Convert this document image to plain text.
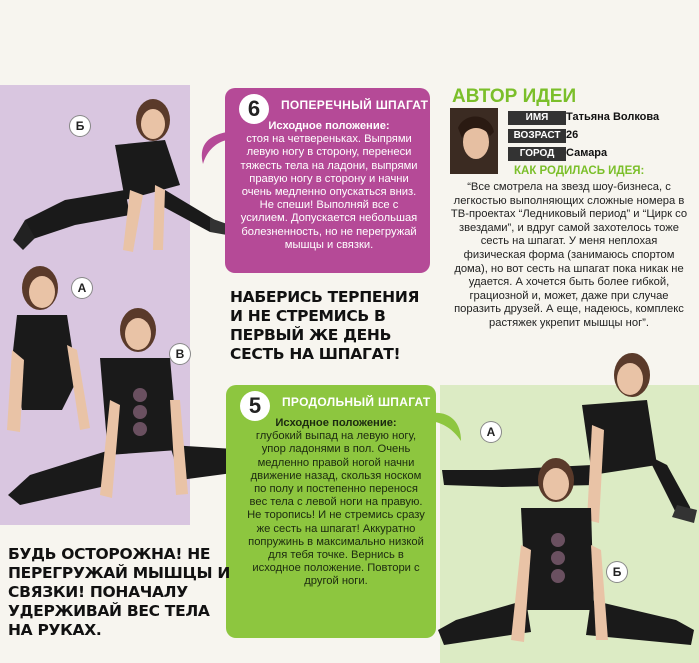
Б
А
В
А
Б
6	ПОПЕРЕЧНЫЙ ШПАГАТ
Исходное положение:
стоя на четвереньках. Выпрями левую ногу в сторону, перенеси тяжесть тела на ладони, выпрями правую ногу в сторону и начни очень медленно опускаться вниз. Не спеши! Выполняй все с усилием. Допускается небольшая болезненность, но не перегружай мышцы и связки.
НАБЕРИСЬ ТЕРПЕНИЯ И НЕ СТРЕМИСЬ В ПЕРВЫЙ ЖЕ ДЕНЬ СЕСТЬ НА ШПАГАТ!
5	ПРОДОЛЬНЫЙ ШПАГАТ
Исходное положение:
глубокий выпад на левую ногу, упор ладонями в пол. Очень медленно правой ногой начни движение назад, скользя носком по полу и постепенно перенося вес тела с левой ноги на правую. Не торопись! И не стремись сразу же сесть на шпагат! Аккуратно попружинь в максимально низкой для тебя точке. Вернись в исходное положение. Повтори с другой ноги.
БУДЬ ОСТОРОЖНА! НЕ ПЕРЕГРУЖАЙ МЫШЦЫ И СВЯЗКИ! ПОНАЧАЛУ УДЕРЖИВАЙ ВЕС ТЕЛА НА РУКАХ.
АВТОР ИДЕИ
ИМЯ	Татьяна Волкова
ВОЗРАСТ 26
ГОРОД	Самара
КАК РОДИЛАСЬ ИДЕЯ:
“Все смотрела на звезд шоу-бизнеса, с легкостью выполняющих сложные номера в ТВ-проектах “Ледниковый период” и “Цирк со звездами”, и вдруг самой захотелось тоже сесть на шпагат. У меня неплохая физическая форма (занимаюсь спортом дома), но вот сесть на шпагат пока никак не удается. А хочется быть более гибкой, грациозной и, может, даже при случае поразить друзей. А еще, надеюсь, комплекс растяжек укрепит мышцы ног”.
